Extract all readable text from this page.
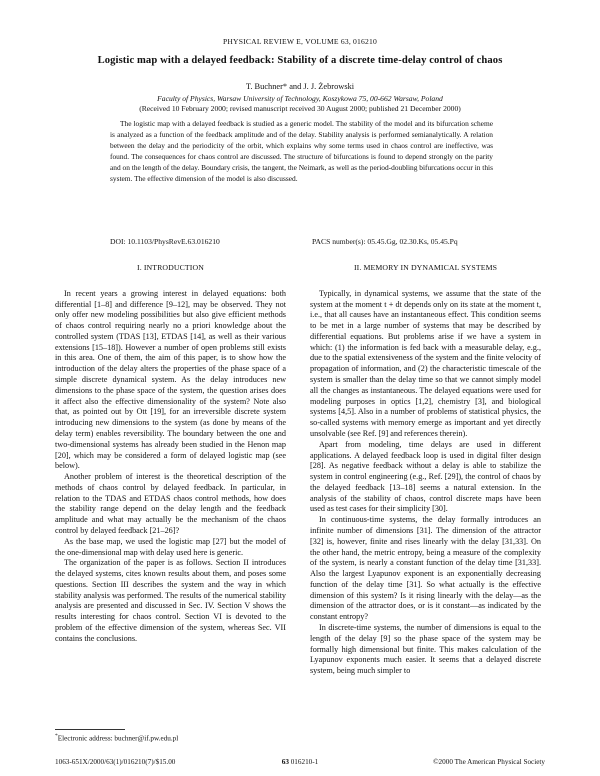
PHYSICAL REVIEW E, VOLUME 63, 016210
Logistic map with a delayed feedback: Stability of a discrete time-delay control of chaos
T. Buchner* and J. J. Żebrowski
Faculty of Physics, Warsaw University of Technology, Koszykowa 75, 00-662 Warsaw, Poland
(Received 10 February 2000; revised manuscript received 30 August 2000; published 21 December 2000)
The logistic map with a delayed feedback is studied as a generic model. The stability of the model and its bifurcation scheme is analyzed as a function of the feedback amplitude and of the delay. Stability analysis is performed semianalytically. A relation between the delay and the periodicity of the orbit, which explains why some terms used in chaos control are ineffective, was found. The consequences for chaos control are discussed. The structure of bifurcations is found to depend strongly on the parity and on the length of the delay. Boundary crisis, the tangent, the Neimark, as well as the period-doubling bifurcations occur in this system. The effective dimension of the model is also discussed.
DOI: 10.1103/PhysRevE.63.016210	PACS number(s): 05.45.Gg, 02.30.Ks, 05.45.Pq
I. INTRODUCTION

In recent years a growing interest in delayed equations: both differential [1–8] and difference [9–12], may be observed. They not only offer new modeling possibilities but also give efficient methods of chaos control requiring nearly no a priori knowledge about the controlled system (TDAS [13], ETDAS [14], as well as their various extensions [15–18]). However a number of open problems still exists in this area. One of them, the aim of this paper, is to show how the introduction of the delay alters the properties of the phase space of a simple discrete dynamical system. As the delay introduces new dimensions to the phase space of the system, the question arises does it affect also the effective dimensionality of the system? Note also that, as pointed out by Ott [19], for an irreversible discrete system introducing new dimensions to the system (as done by means of the delay term) enables reversibility. The boundary between the one and two-dimensional systems has already been studied in the Henon map [20], which may be considered a form of delayed logistic map (see below).

Another problem of interest is the theoretical description of the methods of chaos control by delayed feedback. In particular, in relation to the TDAS and ETDAS chaos control methods, how does the stability range depend on the delay length and the feedback amplitude and what may actually be the mechanism of the chaos control by delayed feedback [21–26]?

As the base map, we used the logistic map [27] but the model of the one-dimensional map with delay used here is generic.

The organization of the paper is as follows. Section II introduces the delayed systems, cites known results about them, and poses some questions. Section III describes the system and the way in which stability analysis was performed. The results of the numerical stability analysis are presented and discussed in Sec. IV. Section V shows the results interesting for chaos control. Section VI is devoted to the problem of the effective dimension of the system, whereas Sec. VII contains the conclusions.

II. MEMORY IN DYNAMICAL SYSTEMS

Typically, in dynamical systems, we assume that the state of the system at the moment t + dt depends only on its state at the moment t, i.e., that all causes have an instantaneous effect. This condition seems to be met in a large number of systems that may be described by differential equations. But problems arise if we have a system in which: (1) the information is fed back with a measurable delay, e.g., due to the spatial extensiveness of the system and the finite velocity of propagation of information, and (2) the characteristic timescale of the system is smaller than the delay time so that we cannot simply model all the changes as instantaneous. The delayed equations were used for modeling purposes in optics [1,2], chemistry [3], and biological systems [4,5]. Also in a number of problems of statistical physics, the so-called systems with memory emerge as important and yet directly unsolvable (see Ref. [9] and references therein).

Apart from modeling, time delays are used in different applications. A delayed feedback loop is used in digital filter design [28]. As negative feedback without a delay is able to stabilize the system in control engineering (e.g., Ref. [29]), the control of chaos by the delayed feedback [13–18] seems a natural extension. In the analysis of the stability of chaos, control discrete maps have been used as test cases for their simplicity [30].

In continuous-time systems, the delay formally introduces an infinite number of dimensions [31]. The dimension of the attractor [32] is, however, finite and rises linearly with the delay [31,33]. On the other hand, the metric entropy, being a measure of the complexity of the system, is nearly a constant function of the delay time [31,33]. Also the largest Lyapunov exponent is an exponentially decreasing function of the delay time [31]. So what actually is the effective dimension of this system? Is it rising linearly with the delay—as the dimension of the attractor does, or is it constant—as indicated by the constant entropy?

In discrete-time systems, the number of dimensions is equal to the length of the delay [9] so the phase space of the system may be formally high dimensional but finite. This makes calculation of the Lyapunov exponents much easier. It seems that a delayed discrete system, being much simpler to

*Electronic address: buchner@if.pw.edu.pl
1063-651X/2000/63(1)/016210(7)/$15.00	63 016210-1	©2000 The American Physical Society
